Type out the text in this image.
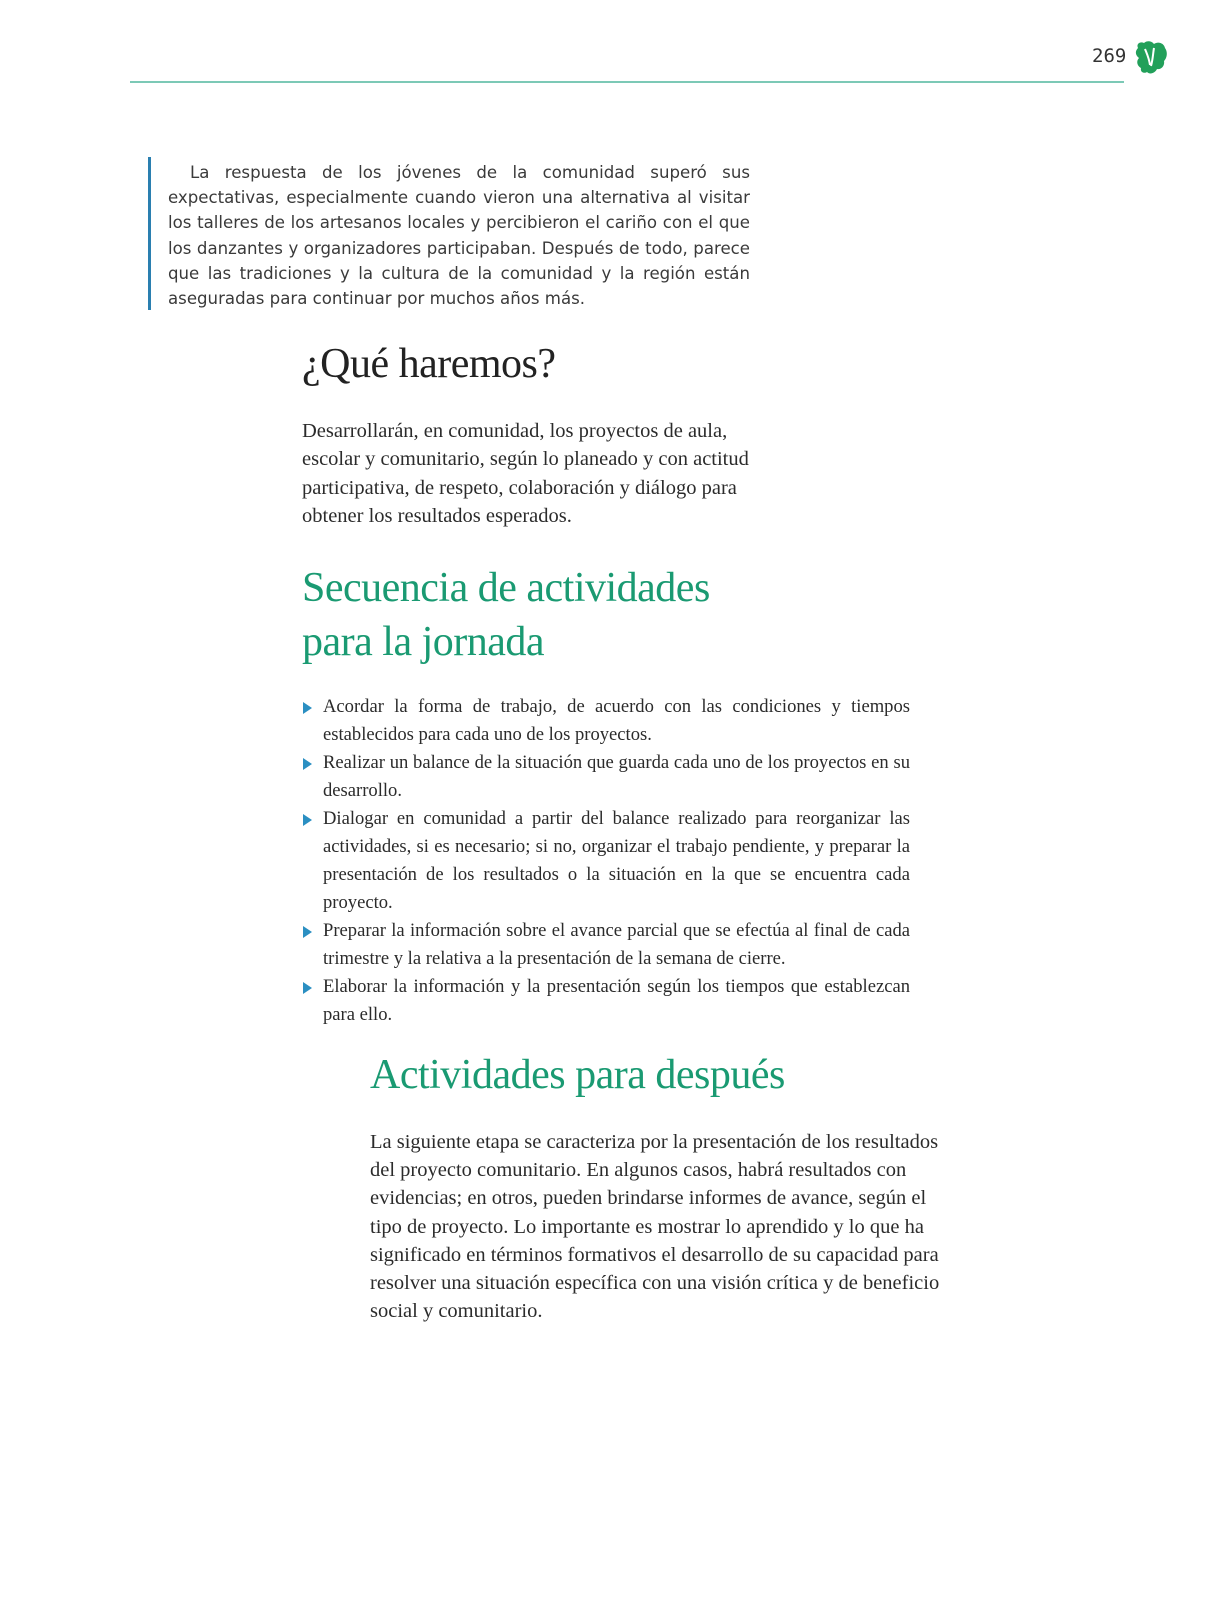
269

La respuesta de los jóvenes de la comunidad superó sus expectativas, especialmente cuando vieron una alternativa al visitar los talleres de los artesanos locales y percibieron el cariño con el que los danzantes y organizadores participaban. Después de todo, parece que las tradiciones y la cultura de la comunidad y la región están aseguradas para continuar por muchos años más.

¿Qué haremos?

Desarrollarán, en comunidad, los proyectos de aula, escolar y comunitario, según lo planeado y con actitud participativa, de respeto, colaboración y diálogo para obtener los resultados esperados.

Secuencia de actividades
para la jornada
Acordar la forma de trabajo, de acuerdo con las condiciones y tiempos establecidos para cada uno de los proyectos.
Realizar un balance de la situación que guarda cada uno de los proyectos en su desarrollo.
Dialogar en comunidad a partir del balance realizado para reorganizar las actividades, si es necesario; si no, organizar el trabajo pendiente, y preparar la presentación de los resultados o la situación en la que se encuentra cada proyecto.
Preparar la información sobre el avance parcial que se efectúa al final de cada trimestre y la relativa a la presentación de la semana de cierre.
Elaborar la información y la presentación según los tiempos que establezcan para ello.
Actividades para después

La siguiente etapa se caracteriza por la presentación de los resultados del proyecto comunitario. En algunos casos, habrá resultados con evidencias; en otros, pueden brindarse informes de avance, según el tipo de proyecto. Lo importante es mostrar lo aprendido y lo que ha significado en términos formativos el desarrollo de su capacidad para resolver una situación específica con una visión crítica y de beneficio social y comunitario.
